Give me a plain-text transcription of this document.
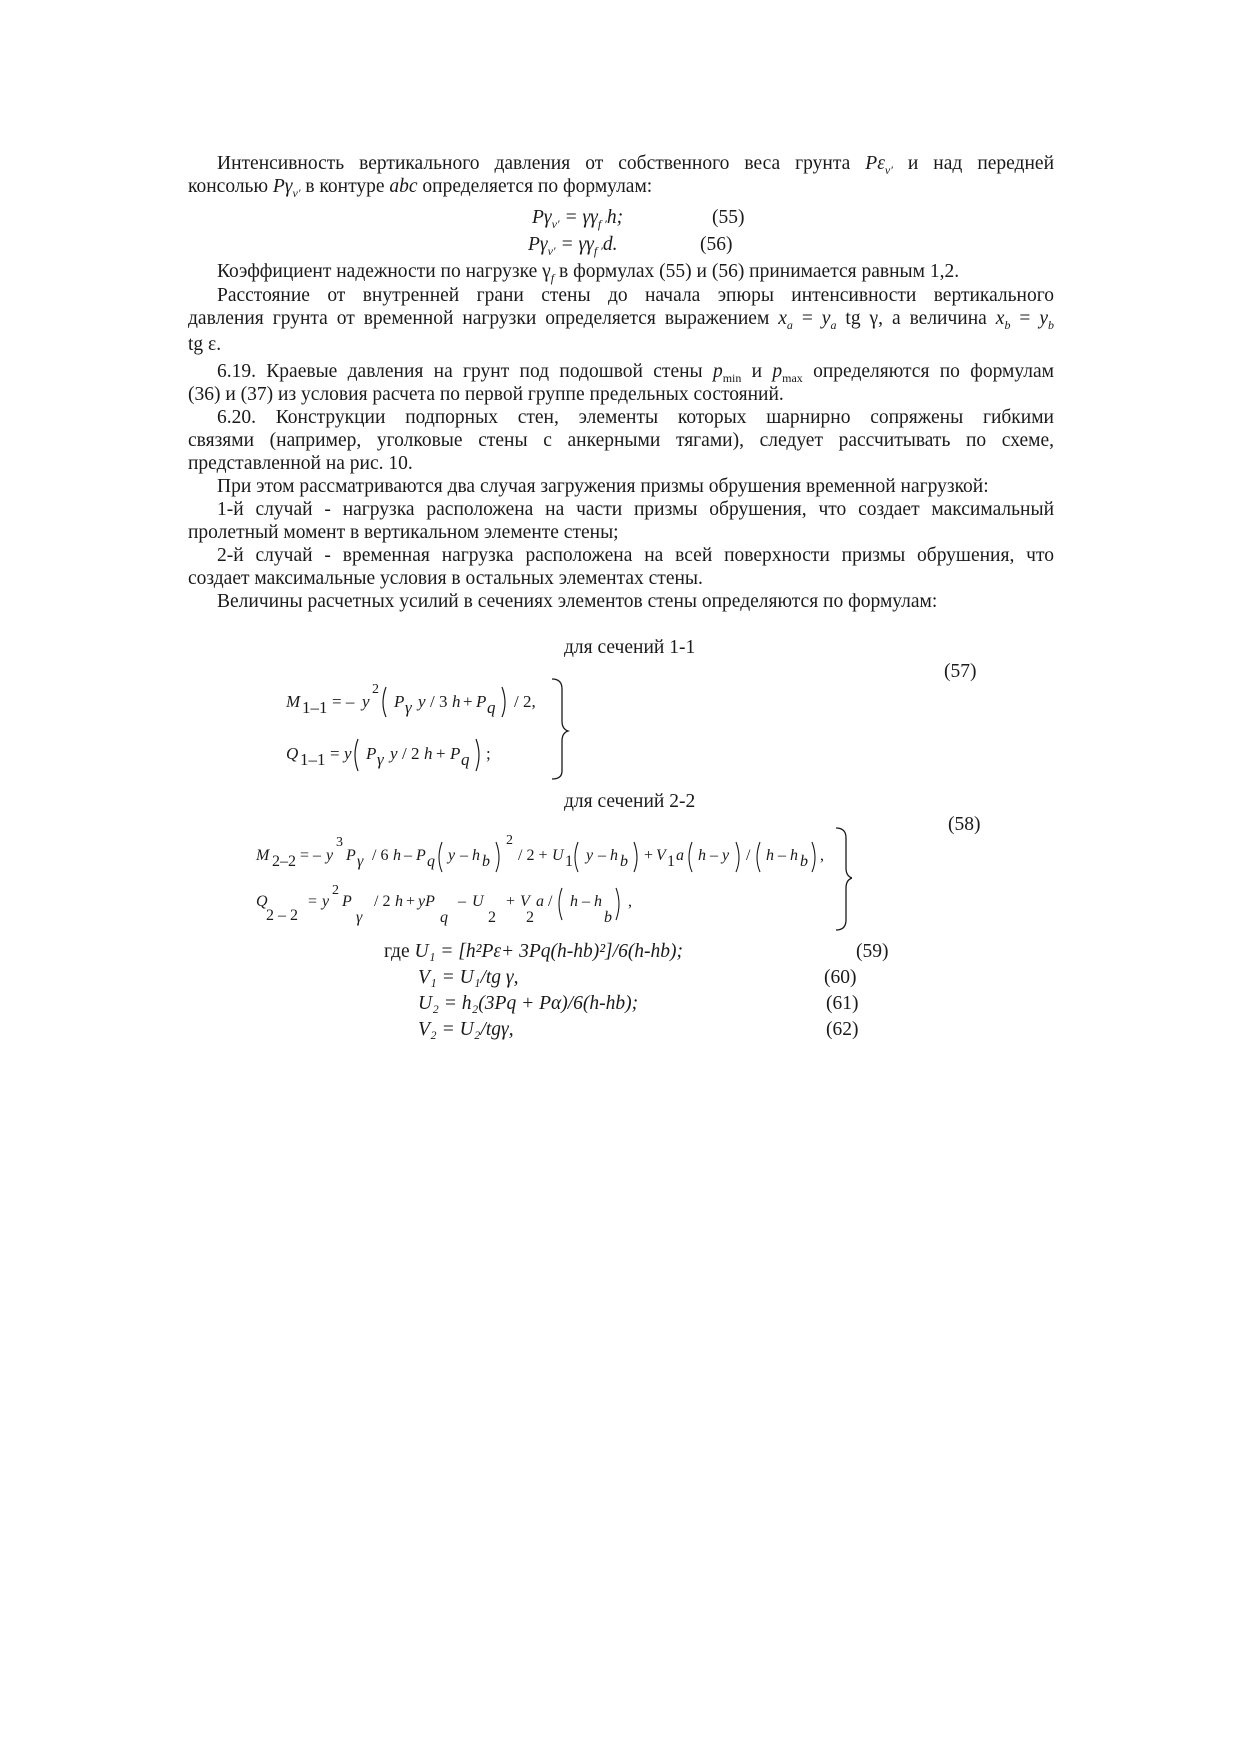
Интенсивность вертикального давления от собственного веса грунта $P\varepsilon_{v'}$ и над передней
консолью $P\gamma_{v'}$ в контуре abc определяется по формулам:

$P\gamma_{v'} = \gamma\gamma_{f '}h$;	(55)
$P\gamma_{v'} = \gamma\gamma_{f '}d$.	(56)

Коэффициент надежности по нагрузке $\gamma_f$ в формулах (55) и (56) принимается равным 1,2.

Расстояние от внутренней грани стены до начала эпюры интенсивности вертикального
давления грунта от временной нагрузки определяется выражением $x_a = y_a$ tg γ, а величина $x_b = y_b$
tg ε.

6.19. Краевые давления на грунт под подошвой стены $p_{min}$ и $p_{max}$ определяются по формулам
(36) и (37) из условия расчета по первой группе предельных состояний.

6.20. Конструкции подпорных стен, элементы которых шарнирно сопряжены гибкими
связями (например, уголковые стены с анкерными тягами), следует рассчитывать по схеме,
представленной на рис. 10.

При этом рассматриваются два случая загружения призмы обрушения временной нагрузкой:

1-й случай - нагрузка расположена на части призмы обрушения, что создает максимальный
пролетный момент в вертикальном элементе стены;

2-й случай - временная нагрузка расположена на всей поверхности призмы обрушения, что
создает максимальные условия в остальных элементах стены.

Величины расчетных усилий в сечениях элементов стены определяются по формулам:

для сечений 1-1
(57)
M 1–1 = – y
2
P γ y / 3 h + P q / 2,
Q 1–1 = y P γ y / 2 h + P q ;
для сечений 2-2
(58)
M 2–2 = – y
3
P γ / 6 h – P q y – h b
2
/ 2 + U 1 y – h b + V 1 a h – y / h – h b ,
Q
2 – 2
= y
2
P
γ
/ 2 h + yP
q
– U
2
+ V
2
a / h – h
b
,
где U₁ = [h²Pε+ 3Pq(h-hb)²]/6(h-hb);	(59)
V₁ = U₁/tg γ,	(60)
U₂ = h₂(3Pq + Pα)/6(h-hb);	(61)
V₂ = U₂/tgγ,	(62)
